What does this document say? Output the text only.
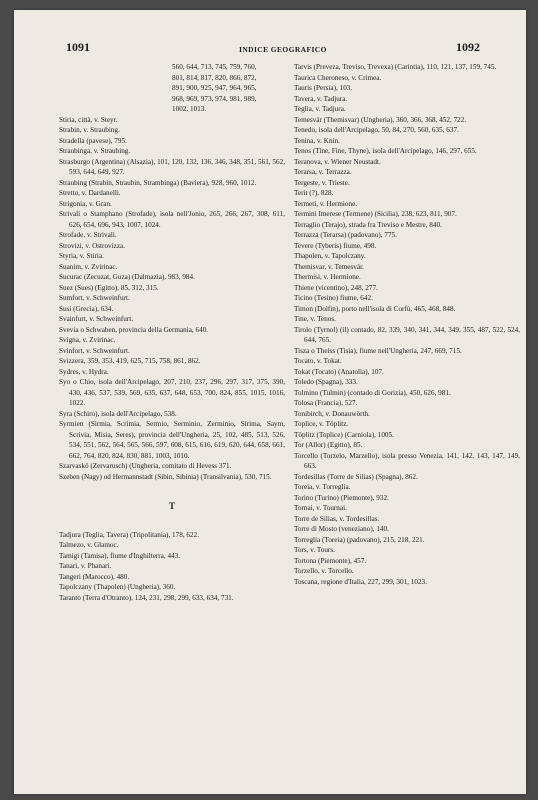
1091	INDICE GEOGRAFICO	1092
560, 644, 713, 745, 759, 760,
801, 814, 817, 820, 866, 872,
891, 900, 925, 947, 964, 965,
968, 969, 973, 974, 981, 989,
1002, 1013.
Stiria, città, v. Steyr.
Strabin, v. Straubing.
Stradella (pavese), 795.
Straubinga, v. Straubing.
Strasburgo (Argentina) (Alsazia), 101, 120, 132, 136, 346, 348, 351, 561, 562, 593, 644, 649, 927.
Straubing (Strabin, Straubin, Strambinga) (Baviera), 928, 960, 1012.
Stretto, v. Dardanelli.
Strigonia, v. Gran.
Strivali o Stamphano (Strofade), isola nell'Jonio, 265, 266, 267, 308, 611, 626, 654, 696, 943, 1007, 1024.
Strofade, v. Strivali.
Strovizi, v. Ostrovizza.
Styria, v. Stiria.
Suanim, v. Zvirinac.
Sucurac (Zecuzat, Guza) (Dalmazia), 983, 984.
Suez (Sues) (Egitto), 85, 312, 315.
Sumfort, v. Schweinfurt.
Susi (Grecia), 634.
Svainfurt, v. Schweinfurt.
Svevia o Schwaben, provincia della Germania, 640.
Svigna, v. Zvirinac.
Svinfort, v. Schweinfurt.
Svizzera, 359, 353, 419, 625, 715, 758, 861, 862.
Sydres, v. Hydra.
Syo o Chio, isola dell'Arcipelago, 207, 210, 237, 296, 297, 317, 375, 390, 430, 436, 537, 539, 569, 635, 637, 648, 653, 700, 824, 855, 1015, 1016, 1022.
Syra (Schiro), isola dell'Arcipelago, 538.
Syrmien (Sirmia, Scrimia, Sermio, Serminio, Zerminio, Sirima, Saym, Scrivia, Misia, Seres), provincia dell'Ungheria, 25, 102, 485, 513, 526, 534, 551, 562, 564, 565, 566, 597, 608, 615, 616, 619, 620, 644, 658, 661, 662, 764, 820, 824, 830, 881, 1003, 1010.
Szarvaskö (Zervarusch) (Ungheria, comitato di Hevess 371.
Szeben (Nagy) od Hermannstadt (Sibin, Sibinia) (Transilvania), 530, 715.
T
Tadjura (Teglia, Tavera) (Tripolitania), 178, 622.
Talmezo, v. Glamoc.
Tamigi (Tamisa), fiume d'Inghilterra, 443.
Tanari, v. Phanari.
Tangeri (Marocco), 480.
Tapolczany (Thapolen) (Ungheria), 360.
Taranto (Terra d'Otranto), 124, 231, 298, 299, 633, 634, 731.
Tarvis (Preveza, Treviso, Trevexa) (Carintia), 110, 121, 137, 159, 745.
Taurica Cheroneso, v. Crimea.
Tauris (Persia), 103.
Tavera, v. Tadjura.
Teglia, v. Tadjura.
Temesvár (Themisvar) (Ungheria), 360, 366, 368, 452, 722.
Tenedo, isola dell'Arcipelago, 50, 84, 270, 560, 635, 637.
Tenina, v. Knin.
Tenos (Tine, Fine, Thyne), isola dell'Arcipelago, 146, 297, 655.
Teranova, v. Wiener Neustadt.
Terarsa, v. Terrazza.
Tergeste, v. Trieste.
Terit (?), 828.
Termeti, v. Hermione.
Termini Imerese (Termene) (Sicilia), 238, 623, 811, 907.
Terraglio (Terajo), strada fra Treviso e Mestre, 840.
Terrazza (Terarsa) (padovano), 775.
Tevere (Tyberis) fiume, 498.
Thapolen, v. Tapolczany.
Themisvar, v. Temesvár.
Thermisi, v. Hermione.
Thiene (vicentino), 248, 277.
Ticino (Tesino) fiume, 642.
Timon (Dolfin), porto nell'isola di Corfù, 465, 468, 848.
Tine, v. Tenos.
Tirolo (Tyrnol) (il) contado, 82, 339, 340, 341, 344, 349, 355, 487, 522, 524, 644, 765.
Tisza o Theiss (Tisia), fiume nell'Ungheria, 247, 669, 715.
Tocato, v. Tokat.
Tokat (Tocato) (Anatolia), 107.
Toledo (Spagna), 333.
Tolmino (Tulmin) (contado di Gorizia), 450, 626, 981.
Tolosa (Francia), 527.
Tonibirch, v. Donauwörth.
Toplice, v. Töplitz.
Töplitz (Toplice) (Carniola), 1005.
Tor (Allor) (Egitto), 85.
Torcello (Torzelo, Marzello), isola presso Venezia, 141, 142, 143, 147, 149, 663.
Tordesillas (Torre de Silias) (Spagna), 862.
Toreia, v. Torreglia.
Torino (Turino) (Piemonte), 932.
Tornai, v. Tournai.
Torre de Silias, v. Tordesillas.
Torre di Mosto (veneziano), 140.
Torreglia (Toreia) (padovano), 215, 218, 221.
Tors, v. Tours.
Tortona (Piemonte), 457.
Torzello, v. Torcello.
Toscana, regione d'Italia, 227, 299, 301, 1023.
